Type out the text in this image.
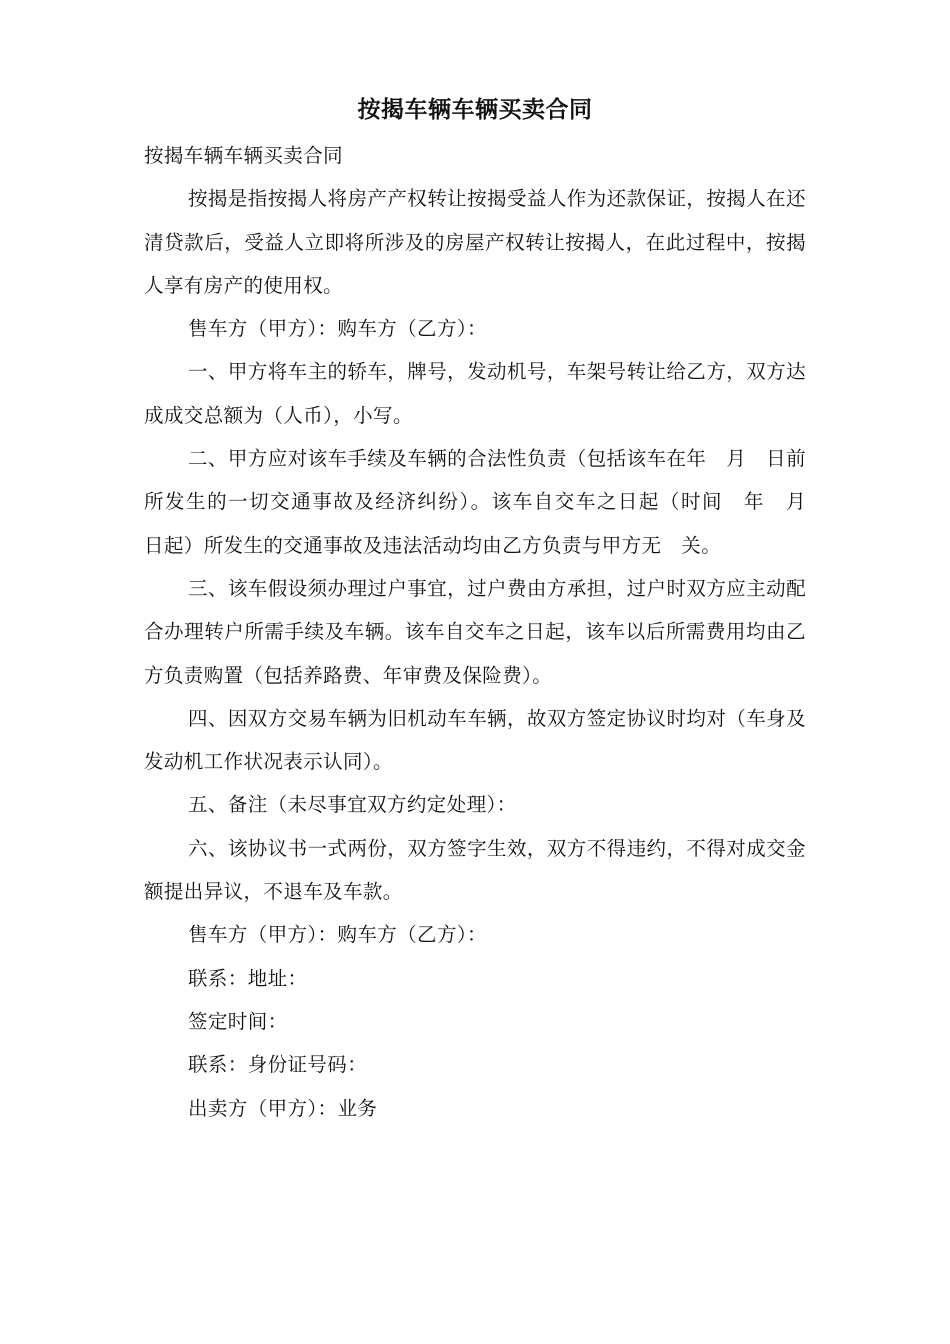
按揭车辆车辆买卖合同

按揭车辆车辆买卖合同

按揭是指按揭人将房产产权转让按揭受益人作为还款保证，按揭人在还清贷款后，受益人立即将所涉及的房屋产权转让按揭人，在此过程中，按揭人享有房产的使用权。

售车方（甲方）：购车方（乙方）：

一、甲方将车主的轿车，牌号，发动机号，车架号转让给乙方，双方达成成交总额为（人币），小写。

二、甲方应对该车手续及车辆的合法性负责（包括该车在年　月　日前所发生的一切交通事故及经济纠纷）。该车自交车之日起（时间　年　月　日起）所发生的交通事故及违法活动均由乙方负责与甲方无　关。

三、该车假设须办理过户事宜，过户费由方承担，过户时双方应主动配合办理转户所需手续及车辆。该车自交车之日起，该车以后所需费用均由乙方负责购置（包括养路费、年审费及保险费）。

四、因双方交易车辆为旧机动车车辆，故双方签定协议时均对（车身及发动机工作状况表示认同）。

五、备注（未尽事宜双方约定处理）：

六、该协议书一式两份，双方签字生效，双方不得违约，不得对成交金额提出异议，不退车及车款。

售车方（甲方）：购车方（乙方）：

联系：地址：

签定时间：

联系：身份证号码：

出卖方（甲方）：业务
